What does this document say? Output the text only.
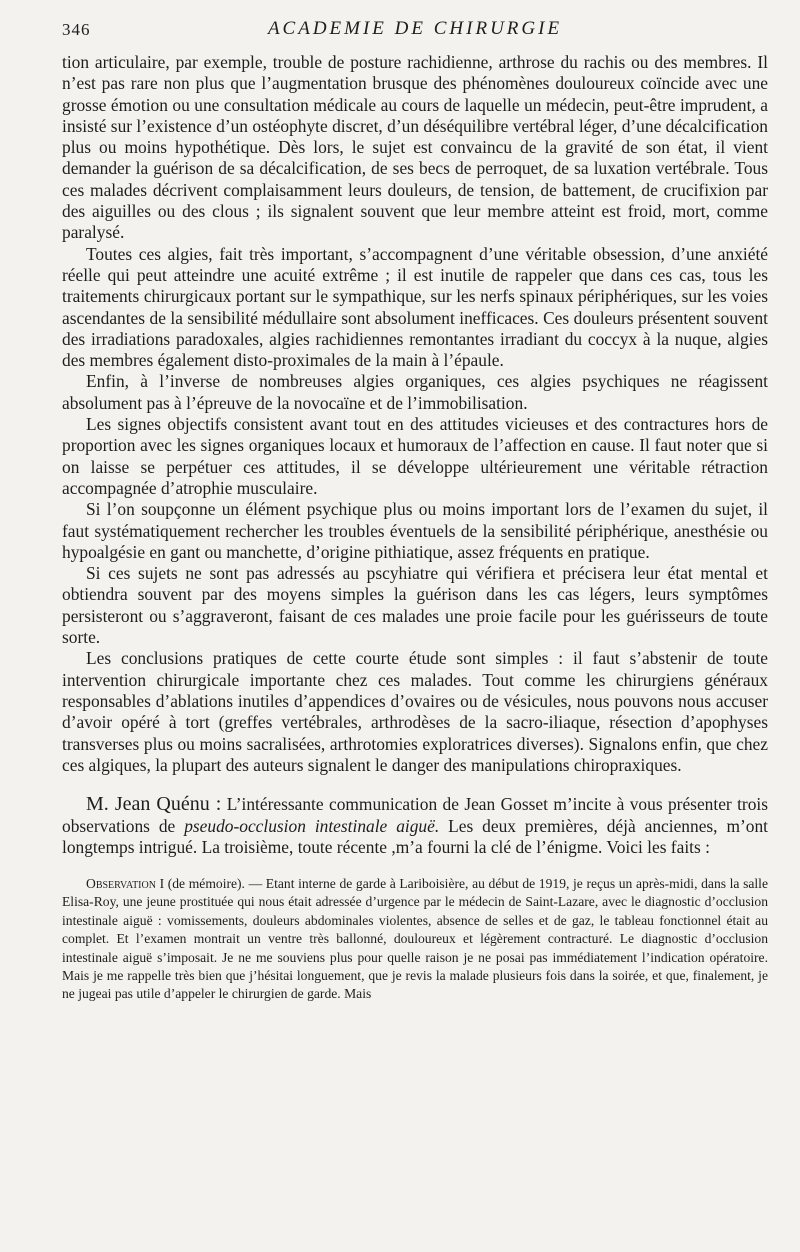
346	ACADEMIE DE CHIRURGIE

tion articulaire, par exemple, trouble de posture rachidienne, arthrose du rachis ou des membres. Il n’est pas rare non plus que l’augmentation brusque des phénomènes douloureux coïncide avec une grosse émotion ou une consultation médicale au cours de laquelle un médecin, peut-être imprudent, a insisté sur l’existence d’un ostéophyte discret, d’un déséquilibre vertébral léger, d’une décalcification plus ou moins hypothétique. Dès lors, le sujet est convaincu de la gravité de son état, il vient demander la guérison de sa décalcification, de ses becs de perroquet, de sa luxation vertébrale. Tous ces malades décrivent complaisamment leurs douleurs, de tension, de battement, de crucifixion par des aiguilles ou des clous ; ils signalent souvent que leur membre atteint est froid, mort, comme paralysé.

Toutes ces algies, fait très important, s’accompagnent d’une véritable obsession, d’une anxiété réelle qui peut atteindre une acuité extrême ; il est inutile de rappeler que dans ces cas, tous les traitements chirurgicaux portant sur le sympathique, sur les nerfs spinaux périphériques, sur les voies ascendantes de la sensibilité médullaire sont absolument inefficaces. Ces douleurs présentent souvent des irradiations paradoxales, algies rachidiennes remontantes irradiant du coccyx à la nuque, algies des membres également disto-proximales de la main à l’épaule.

Enfin, à l’inverse de nombreuses algies organiques, ces algies psychiques ne réagissent absolument pas à l’épreuve de la novocaïne et de l’immobilisation.

Les signes objectifs consistent avant tout en des attitudes vicieuses et des contractures hors de proportion avec les signes organiques locaux et humoraux de l’affection en cause. Il faut noter que si on laisse se perpétuer ces attitudes, il se développe ultérieurement une véritable rétraction accompagnée d’atrophie musculaire.

Si l’on soupçonne un élément psychique plus ou moins important lors de l’examen du sujet, il faut systématiquement rechercher les troubles éventuels de la sensibilité périphérique, anesthésie ou hypoalgésie en gant ou manchette, d’origine pithiatique, assez fréquents en pratique.

Si ces sujets ne sont pas adressés au pscyhiatre qui vérifiera et précisera leur état mental et obtiendra souvent par des moyens simples la guérison dans les cas légers, leurs symptômes persisteront ou s’aggraveront, faisant de ces malades une proie facile pour les guérisseurs de toute sorte.

Les conclusions pratiques de cette courte étude sont simples : il faut s’abstenir de toute intervention chirurgicale importante chez ces malades. Tout comme les chirurgiens généraux responsables d’ablations inutiles d’appendices d’ovaires ou de vésicules, nous pouvons nous accuser d’avoir opéré à tort (greffes vertébrales, arthrodèses de la sacro-iliaque, résection d’apophyses transverses plus ou moins sacralisées, arthrotomies exploratrices diverses). Signalons enfin, que chez ces algiques, la plupart des auteurs signalent le danger des manipulations chiropraxiques.

M. Jean Quénu : L’intéressante communication de Jean Gosset m’incite à vous présenter trois observations de pseudo-occlusion intestinale aiguë. Les deux premières, déjà anciennes, m’ont longtemps intrigué. La troisième, toute récente ,m’a fourni la clé de l’énigme. Voici les faits :

Observation I (de mémoire). — Etant interne de garde à Lariboisière, au début de 1919, je reçus un après-midi, dans la salle Elisa-Roy, une jeune prostituée qui nous était adressée d’urgence par le médecin de Saint-Lazare, avec le diagnostic d’occlusion intestinale aiguë : vomissements, douleurs abdominales violentes, absence de selles et de gaz, le tableau fonctionnel était au complet. Et l’examen montrait un ventre très ballonné, douloureux et légèrement contracturé. Le diagnostic d’occlusion intestinale aiguë s’imposait. Je ne me souviens plus pour quelle raison je ne posai pas immédiatement l’indication opératoire. Mais je me rappelle très bien que j’hésitai longuement, que je revis la malade plusieurs fois dans la soirée, et que, finalement, je ne jugeai pas utile d’appeler le chirurgien de garde. Mais
